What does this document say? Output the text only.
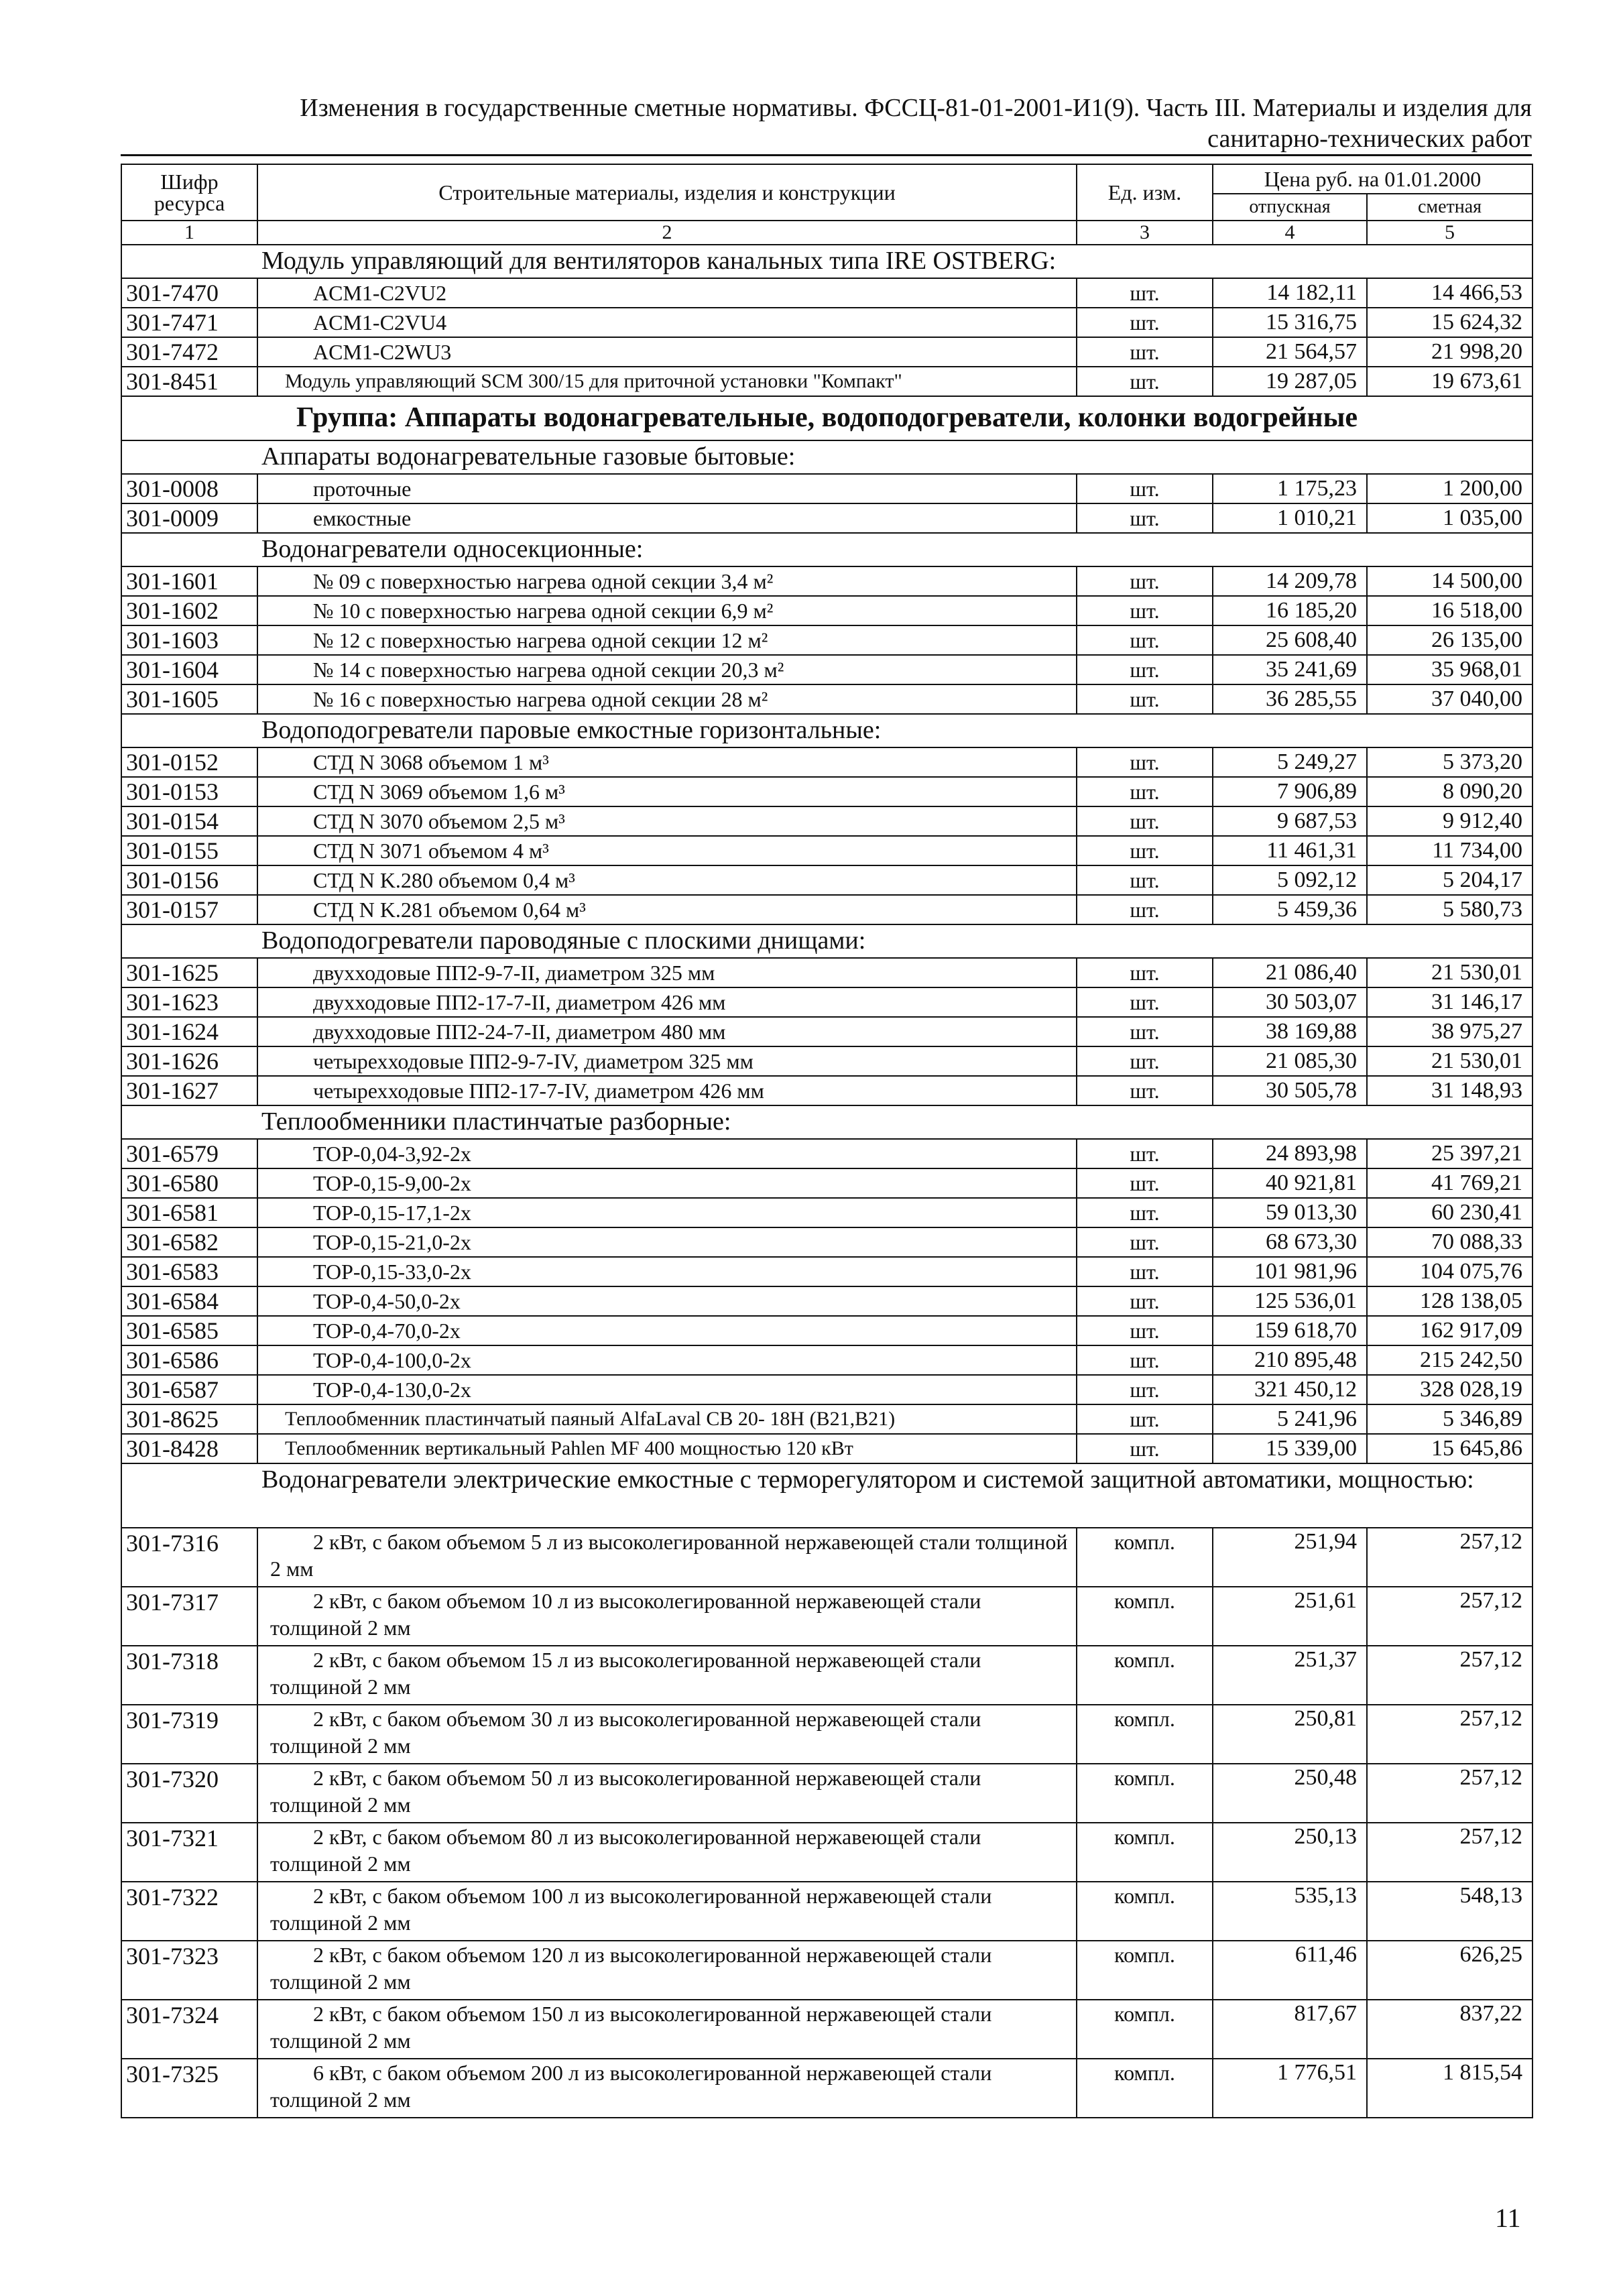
Изменения в государственные сметные нормативы. ФССЦ-81-01-2001-И1(9). Часть III. Материалы и изделия для
санитарно-технических работ
Шифр ресурса	Строительные материалы, изделия и конструкции	Ед. изм.	Цена руб. на 01.01.2000	
			отпускная	сметная
1	2	3	4	5
	Модуль управляющий для вентиляторов канальных типа IRE OSTBERG:			
301-7470	ACM1-C2VU2	шт.	14 182,11	14 466,53
301-7471	ACM1-C2VU4	шт.	15 316,75	15 624,32
301-7472	ACM1-C2WU3	шт.	21 564,57	21 998,20
301-8451	Модуль управляющий SCM 300/15 для приточной установки "Компакт"	шт.	19 287,05	19 673,61
Группа: Аппараты водонагревательные, водоподогреватели, колонки водогрейные				
	Аппараты водонагревательные газовые бытовые:			
301-0008	проточные	шт.	1 175,23	1 200,00
301-0009	емкостные	шт.	1 010,21	1 035,00
	Водонагреватели односекционные:			
301-1601	№ 09 с поверхностью нагрева одной секции 3,4 м²	шт.	14 209,78	14 500,00
301-1602	№ 10 с поверхностью нагрева одной секции 6,9 м²	шт.	16 185,20	16 518,00
301-1603	№ 12 с поверхностью нагрева одной секции 12 м²	шт.	25 608,40	26 135,00
301-1604	№ 14 с поверхностью нагрева одной секции 20,3 м²	шт.	35 241,69	35 968,01
301-1605	№ 16 с поверхностью нагрева одной секции 28 м²	шт.	36 285,55	37 040,00
	Водоподогреватели паровые емкостные горизонтальные:			
301-0152	СТД N 3068 объемом 1 м³	шт.	5 249,27	5 373,20
301-0153	СТД N 3069 объемом 1,6 м³	шт.	7 906,89	8 090,20
301-0154	СТД N 3070 объемом 2,5 м³	шт.	9 687,53	9 912,40
301-0155	СТД N 3071 объемом 4 м³	шт.	11 461,31	11 734,00
301-0156	СТД N K.280 объемом 0,4 м³	шт.	5 092,12	5 204,17
301-0157	СТД N K.281 объемом 0,64 м³	шт.	5 459,36	5 580,73
	Водоподогреватели пароводяные с плоскими днищами:			
301-1625	двухходовые ПП2-9-7-II, диаметром 325 мм	шт.	21 086,40	21 530,01
301-1623	двухходовые ПП2-17-7-II, диаметром 426 мм	шт.	30 503,07	31 146,17
301-1624	двухходовые ПП2-24-7-II, диаметром 480 мм	шт.	38 169,88	38 975,27
301-1626	четырехходовые ПП2-9-7-IV, диаметром 325 мм	шт.	21 085,30	21 530,01
301-1627	четырехходовые ПП2-17-7-IV, диаметром 426 мм	шт.	30 505,78	31 148,93
	Теплообменники пластинчатые разборные:			
301-6579	TOP-0,04-3,92-2x	шт.	24 893,98	25 397,21
301-6580	TOP-0,15-9,00-2x	шт.	40 921,81	41 769,21
301-6581	TOP-0,15-17,1-2x	шт.	59 013,30	60 230,41
301-6582	TOP-0,15-21,0-2x	шт.	68 673,30	70 088,33
301-6583	TOP-0,15-33,0-2x	шт.	101 981,96	104 075,76
301-6584	TOP-0,4-50,0-2x	шт.	125 536,01	128 138,05
301-6585	TOP-0,4-70,0-2x	шт.	159 618,70	162 917,09
301-6586	TOP-0,4-100,0-2x	шт.	210 895,48	215 242,50
301-6587	TOP-0,4-130,0-2x	шт.	321 450,12	328 028,19
301-8625	Теплообменник пластинчатый паяный AlfaLaval CB 20- 18H (B21,B21)	шт.	5 241,96	5 346,89
301-8428	Теплообменник вертикальный Pahlen MF 400 мощностью 120 кВт	шт.	15 339,00	15 645,86
	Водонагреватели электрические емкостные с терморегулятором и системой защитной автоматики, мощностью:			
301-7316	2 кВт, с баком объемом 5 л из высоколегированной нержавеющей стали толщиной 2 мм	компл.	251,94	257,12
301-7317	2 кВт, с баком объемом 10 л из высоколегированной нержавеющей стали толщиной 2 мм	компл.	251,61	257,12
301-7318	2 кВт, с баком объемом 15 л из высоколегированной нержавеющей стали толщиной 2 мм	компл.	251,37	257,12
301-7319	2 кВт, с баком объемом 30 л из высоколегированной нержавеющей стали толщиной 2 мм	компл.	250,81	257,12
301-7320	2 кВт, с баком объемом 50 л из высоколегированной нержавеющей стали толщиной 2 мм	компл.	250,48	257,12
301-7321	2 кВт, с баком объемом 80 л из высоколегированной нержавеющей стали толщиной 2 мм	компл.	250,13	257,12
301-7322	2 кВт, с баком объемом 100 л из высоколегированной нержавеющей стали толщиной 2 мм	компл.	535,13	548,13
301-7323	2 кВт, с баком объемом 120 л из высоколегированной нержавеющей стали толщиной 2 мм	компл.	611,46	626,25
301-7324	2 кВт, с баком объемом 150 л из высоколегированной нержавеющей стали толщиной 2 мм	компл.	817,67	837,22
301-7325	6 кВт, с баком объемом 200 л из высоколегированной нержавеющей стали толщиной 2 мм	компл.	1 776,51	1 815,54
11
